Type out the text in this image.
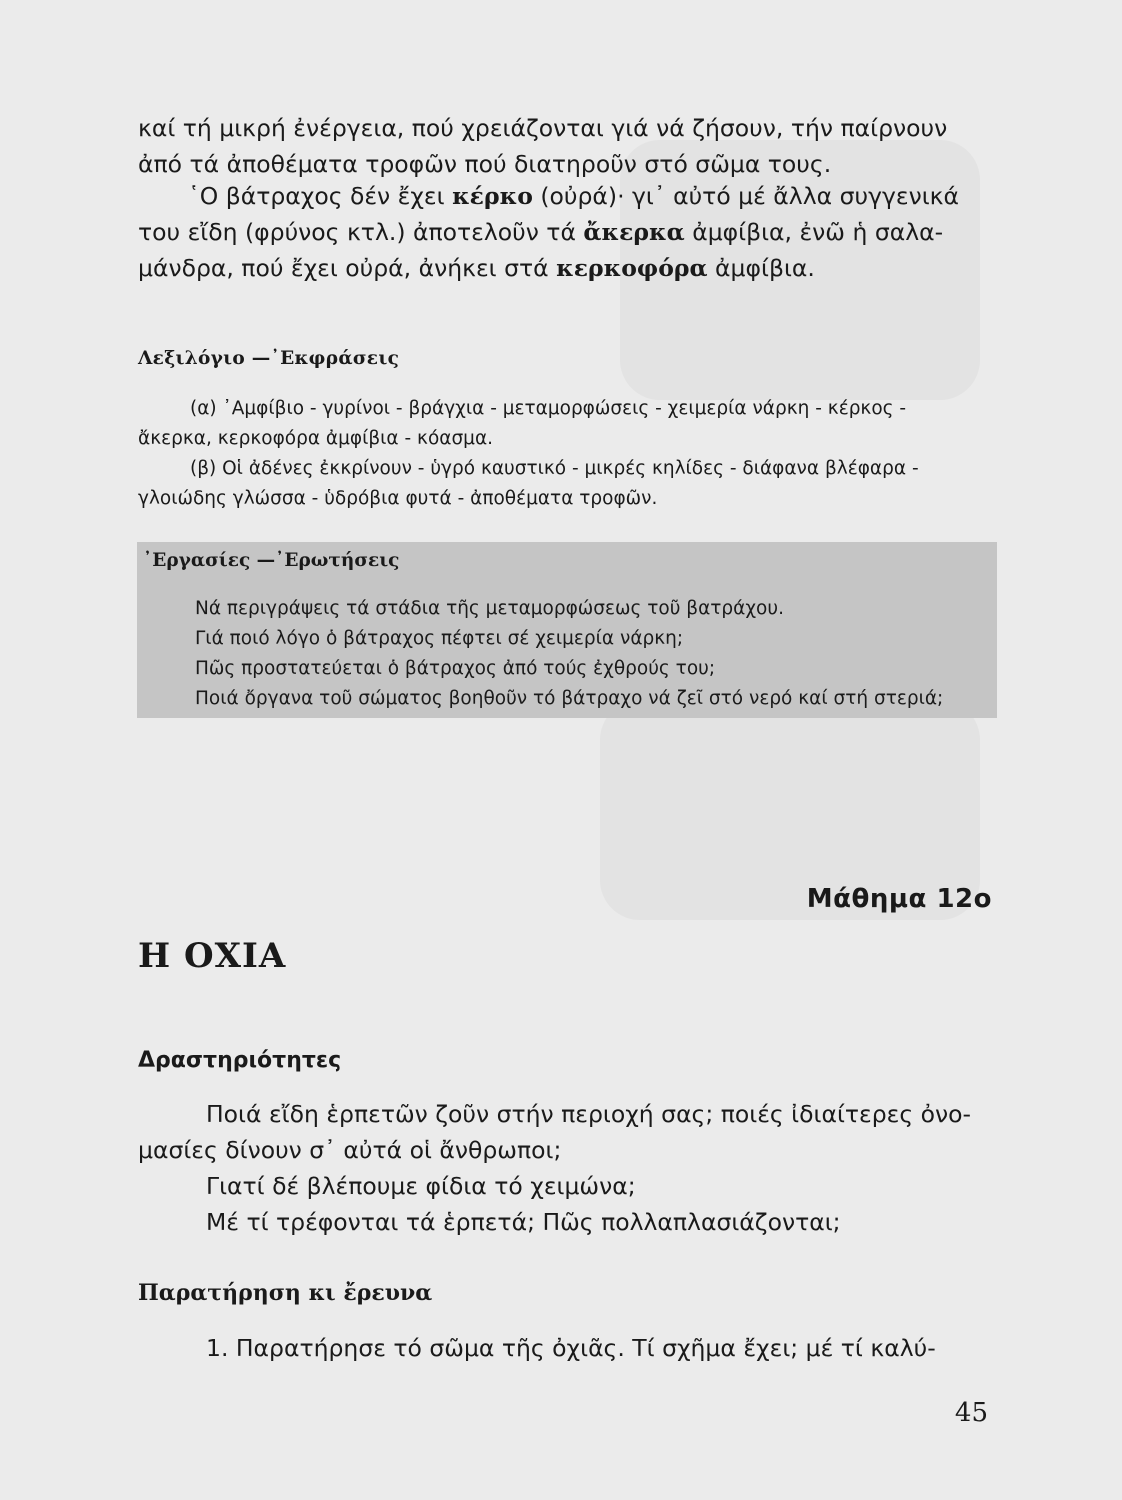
καί τή μικρή ἐνέργεια, πού χρειάζονται γιά νά ζήσουν, τήν παίρνουν
ἀπό τά ἀποθέματα τροφῶν πού διατηροῦν στό σῶμα τους.

῾Ο βάτραχος δέν ἔχει κέρκο (οὐρά)· γι᾽ αὐτό μέ ἄλλα συγγενικά
του εἴδη (φρύνος κτλ.) ἀποτελοῦν τά ἄκερκα ἀμφίβια, ἐνῶ ἡ σαλα-
μάνδρα, πού ἔχει οὐρά, ἀνήκει στά κερκοφόρα ἀμφίβια.

Λεξιλόγιο —᾽Εκφράσεις

(α) ᾽Αμφίβιο - γυρίνοι - βράγχια - μεταμορφώσεις - χειμερία νάρκη - κέρκος -
ἄκερκα, κερκοφόρα ἀμφίβια - κόασμα.
(β) Οἱ ἀδένες ἐκκρίνουν - ὑγρό καυστικό - μικρές κηλίδες - διάφανα βλέφαρα -
γλοιώδης γλώσσα - ὑδρόβια φυτά - ἀποθέματα τροφῶν.

᾽Εργασίες —᾽Ερωτήσεις
Νά περιγράψεις τά στάδια τῆς μεταμορφώσεως τοῦ βατράχου.
Γιά ποιό λόγο ὁ βάτραχος πέφτει σέ χειμερία νάρκη;
Πῶς προστατεύεται ὁ βάτραχος ἀπό τούς ἐχθρούς του;
Ποιά ὄργανα τοῦ σώματος βοηθοῦν τό βάτραχο νά ζεῖ στό νερό καί στή στεριά;
Μάθημα 12ο
Η ΟΧΙΑ
Δραστηριότητες

Ποιά εἴδη ἑρπετῶν ζοῦν στήν περιοχή σας; ποιές ἰδιαίτερες ὀνο-
μασίες δίνουν σ᾽ αὐτά οἱ ἄνθρωποι;
Γιατί δέ βλέπουμε φίδια τό χειμώνα;
Μέ τί τρέφονται τά ἑρπετά; Πῶς πολλαπλασιάζονται;

Παρατήρηση κι ἔρευνα

1. Παρατήρησε τό σῶμα τῆς ὀχιᾶς. Τί σχῆμα ἔχει; μέ τί καλύ-

45
